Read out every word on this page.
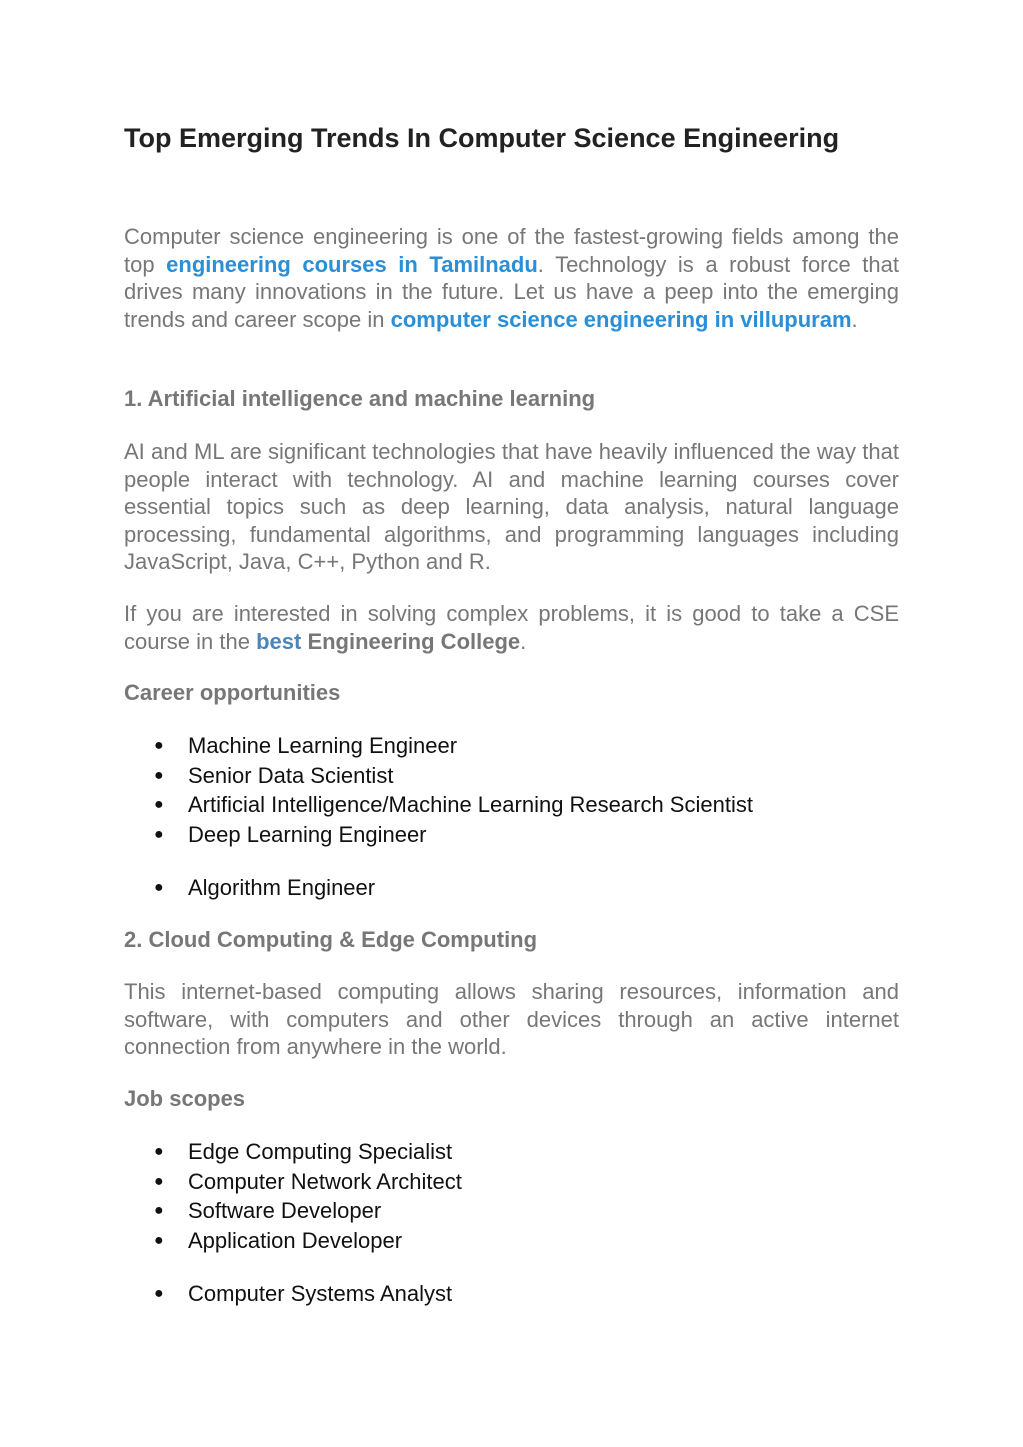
Top Emerging Trends In Computer Science Engineering

Computer science engineering is one of the fastest-growing fields among the top engineering courses in Tamilnadu. Technology is a robust force that drives many innovations in the future. Let us have a peep into the emerging trends and career scope in computer science engineering in villupuram.

1. Artificial intelligence and machine learning

AI and ML are significant technologies that have heavily influenced the way that people interact with technology. AI and machine learning courses cover essential topics such as deep learning, data analysis, natural language processing, fundamental algorithms, and programming languages including JavaScript, Java, C++, Python and R.

If you are interested in solving complex problems, it is good to take a CSE course in the best Engineering College.

Career opportunities
● Machine Learning Engineer
● Senior Data Scientist
● Artificial Intelligence/Machine Learning Research Scientist
● Deep Learning Engineer
● Algorithm Engineer
2. Cloud Computing & Edge Computing

This internet-based computing allows sharing resources, information and software, with computers and other devices through an active internet connection from anywhere in the world.

Job scopes
● Edge Computing Specialist
● Computer Network Architect
● Software Developer
● Application Developer
● Computer Systems Analyst
